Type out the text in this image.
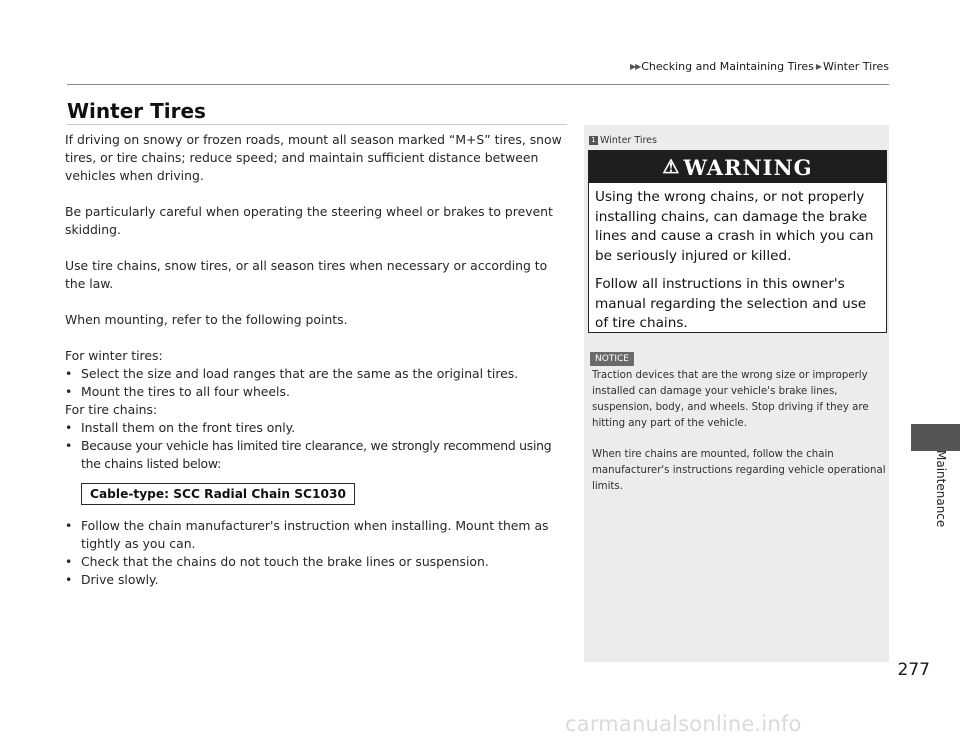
▶▶ Checking and Maintaining Tires ▶ Winter Tires
Winter Tires

If driving on snowy or frozen roads, mount all season marked “M+S” tires, snow tires, or tire chains; reduce speed; and maintain sufficient distance between vehicles when driving.

Be particularly careful when operating the steering wheel or brakes to prevent skidding.

Use tire chains, snow tires, or all season tires when necessary or according to the law.

When mounting, refer to the following points.

For winter tires:
• Select the size and load ranges that are the same as the original tires.
• Mount the tires to all four wheels.
For tire chains:
• Install them on the front tires only.
• Because your vehicle has limited tire clearance, we strongly recommend using the chains listed below:
Cable-type: SCC Radial Chain SC1030
• Follow the chain manufacturer's instruction when installing. Mount them as tightly as you can.
• Check that the chains do not touch the brake lines or suspension.
• Drive slowly.
1 Winter Tires
⚠ WARNING

Using the wrong chains, or not properly installing chains, can damage the brake lines and cause a crash in which you can be seriously injured or killed.

Follow all instructions in this owner's manual regarding the selection and use of tire chains.

NOTICE

Traction devices that are the wrong size or improperly installed can damage your vehicle's brake lines, suspension, body, and wheels. Stop driving if they are hitting any part of the vehicle.

When tire chains are mounted, follow the chain manufacturer's instructions regarding vehicle operational limits.	Maintenance
277
carmanualsonline.info
